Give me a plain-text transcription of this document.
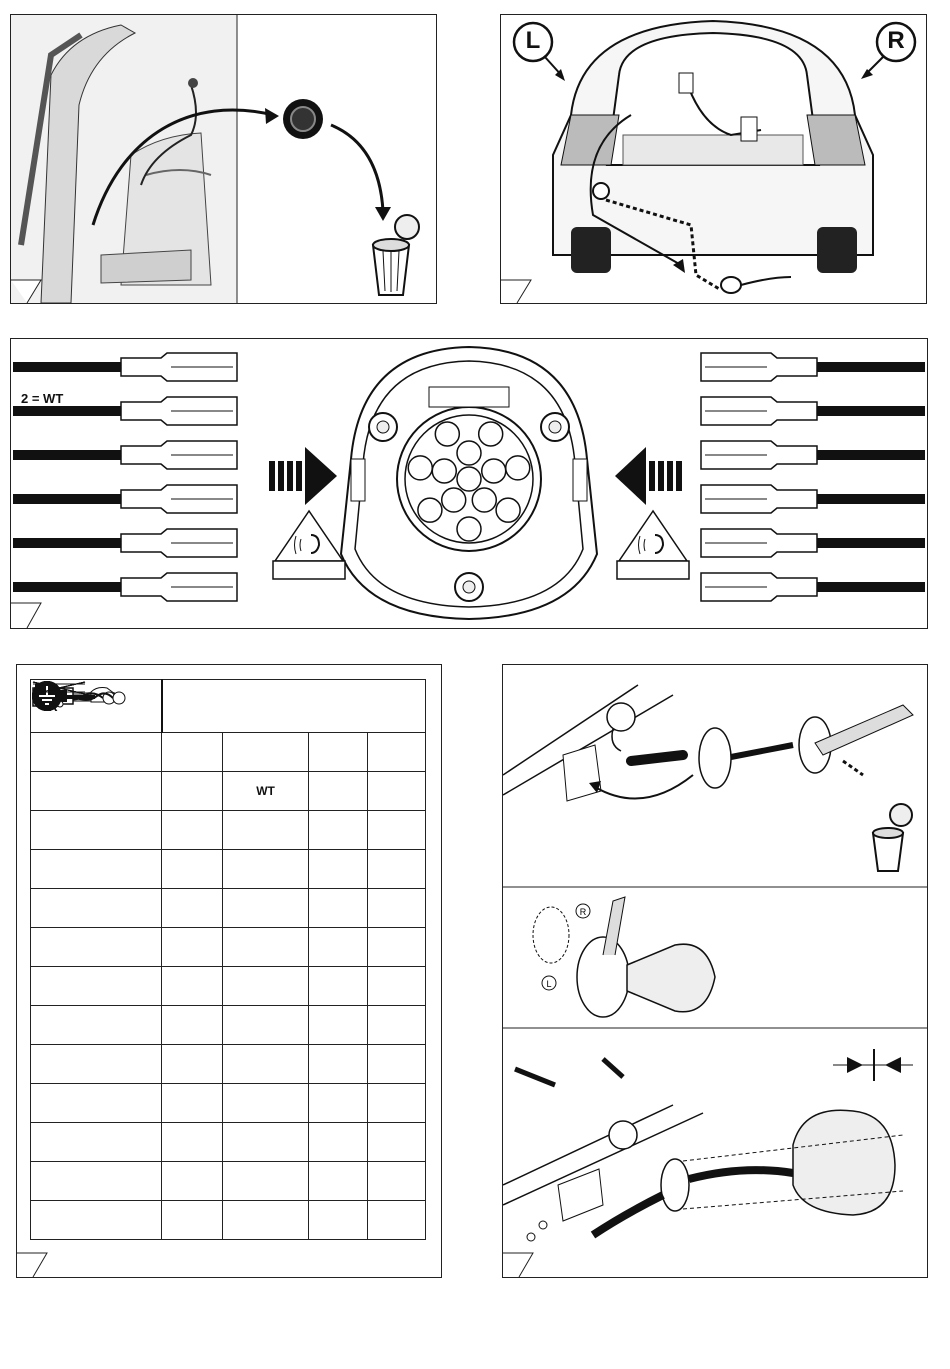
L	R
2 = WT

		WT		

R
L
